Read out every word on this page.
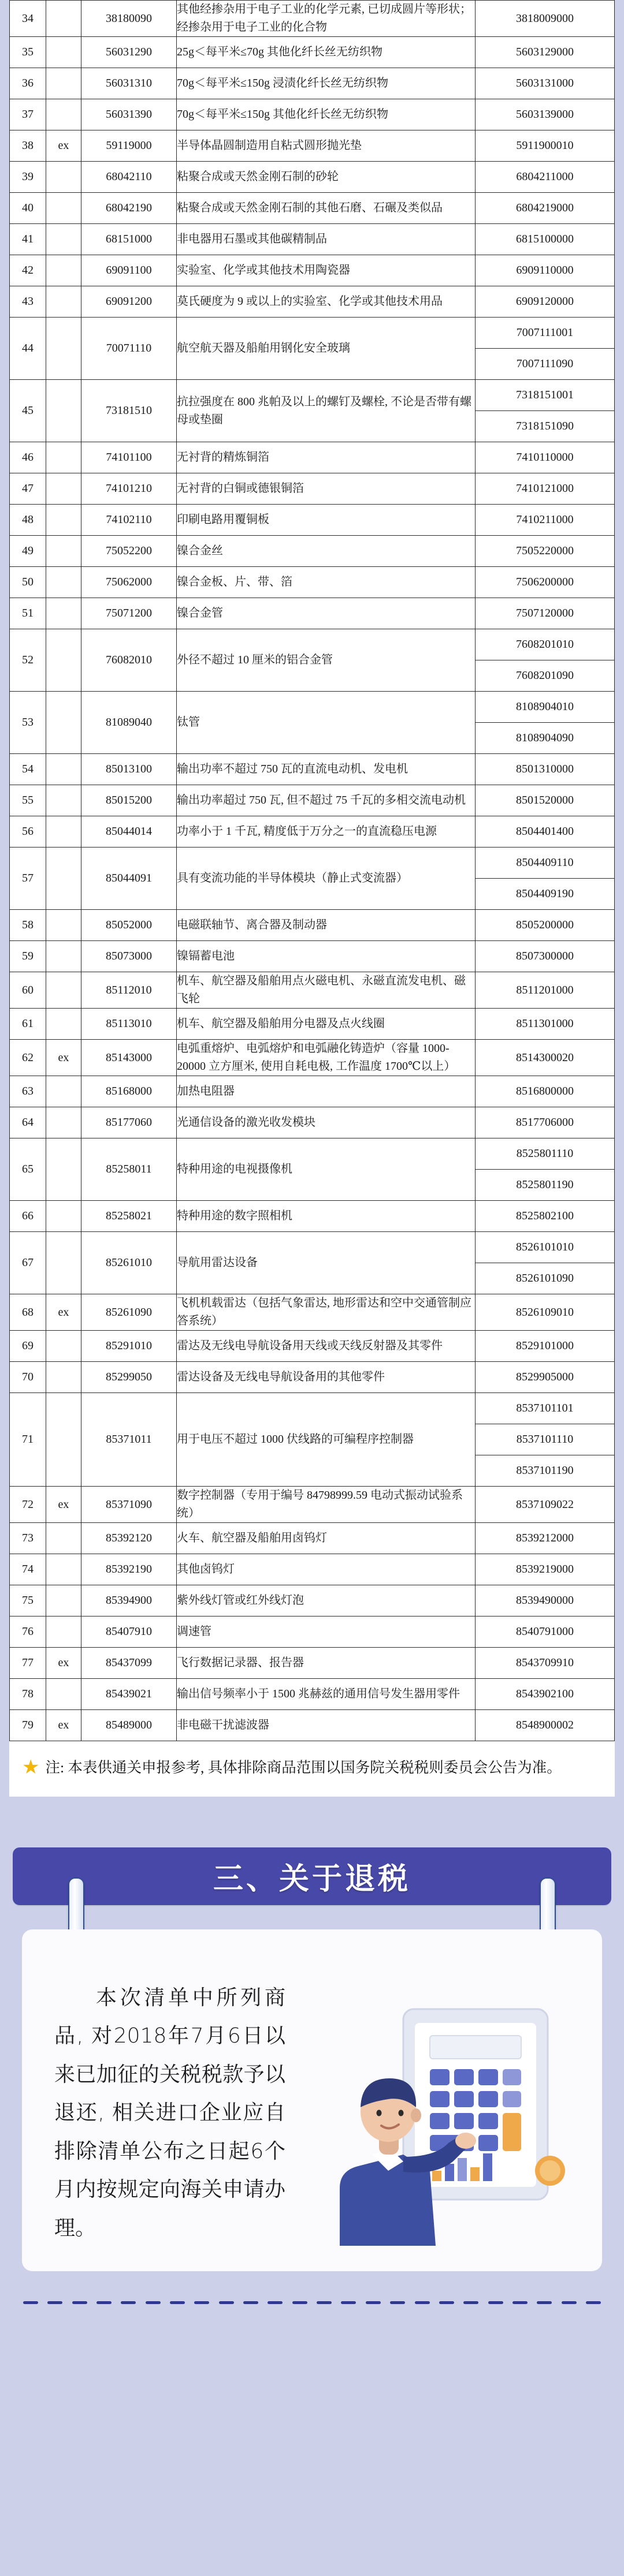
34		38180090	其他经掺杂用于电子工业的化学元素, 已切成圆片等形状；经掺杂用于电子工业的化合物	3818009000

35		56031290	25g＜每平米≤70g 其他化纤长丝无纺织物	5603129000

36		56031310	70g＜每平米≤150g 浸渍化纤长丝无纺织物	5603131000

37		56031390	70g＜每平米≤150g 其他化纤长丝无纺织物	5603139000

38	ex	59119000	半导体晶圆制造用自粘式圆形抛光垫	5911900010

39		68042110	粘聚合成或天然金刚石制的砂轮	6804211000

40		68042190	粘聚合成或天然金刚石制的其他石磨、石碾及类似品	6804219000

41		68151000	非电器用石墨或其他碳精制品	6815100000

42		69091100	实验室、化学或其他技术用陶瓷器	6909110000

43		69091200	莫氏硬度为 9 或以上的实验室、化学或其他技术用品	6909120000

44		70071110	航空航天器及船舶用钢化安全玻璃	7007111001
7007111090

45		73181510	抗拉强度在 800 兆帕及以上的螺钉及螺栓, 不论是否带有螺母或垫圈	7318151001
7318151090

46		74101100	无衬背的精炼铜箔	7410110000

47		74101210	无衬背的白铜或德银铜箔	7410121000

48		74102110	印刷电路用覆铜板	7410211000

49		75052200	镍合金丝	7505220000

50		75062000	镍合金板、片、带、箔	7506200000

51		75071200	镍合金管	7507120000

52		76082010	外径不超过 10 厘米的铝合金管	7608201010
7608201090

53		81089040	钛管	8108904010
8108904090

54		85013100	输出功率不超过 750 瓦的直流电动机、发电机	8501310000

55		85015200	输出功率超过 750 瓦, 但不超过 75 千瓦的多相交流电动机	8501520000

56		85044014	功率小于 1 千瓦, 精度低于万分之一的直流稳压电源	8504401400

57		85044091	具有变流功能的半导体模块（静止式变流器）	8504409110
8504409190

58		85052000	电磁联轴节、离合器及制动器	8505200000

59		85073000	镍镉蓄电池	8507300000

60		85112010	机车、航空器及船舶用点火磁电机、永磁直流发电机、磁飞轮	8511201000

61		85113010	机车、航空器及船舶用分电器及点火线圈	8511301000

62	ex	85143000	电弧重熔炉、电弧熔炉和电弧融化铸造炉（容量 1000-20000 立方厘米, 使用自耗电极, 工作温度 1700℃以上）	8514300020

63		85168000	加热电阻器	8516800000

64		85177060	光通信设备的激光收发模块	8517706000

65		85258011	特种用途的电视摄像机	8525801110
8525801190

66		85258021	特种用途的数字照相机	8525802100

67		85261010	导航用雷达设备	8526101010
8526101090

68	ex	85261090	飞机机载雷达（包括气象雷达, 地形雷达和空中交通管制应答系统）	8526109010

69		85291010	雷达及无线电导航设备用天线或天线反射器及其零件	8529101000

70		85299050	雷达设备及无线电导航设备用的其他零件	8529905000

71		85371011	用于电压不超过 1000 伏线路的可编程序控制器	8537101101
8537101110
8537101190

72	ex	85371090	数字控制器（专用于编号 84798999.59 电动式振动试验系统）	8537109022

73		85392120	火车、航空器及船舶用卤钨灯	8539212000

74		85392190	其他卤钨灯	8539219000

75		85394900	紫外线灯管或红外线灯泡	8539490000

76		85407910	调速管	8540791000

77	ex	85437099	飞行数据记录器、报告器	8543709910

78		85439021	输出信号频率小于 1500 兆赫兹的通用信号发生器用零件	8543902100

79	ex	85489000	非电磁干扰滤波器	8548900002
★ 注: 本表供通关申报参考, 具体排除商品范围以国务院关税税则委员会公告为准。
三、关于退税
本次清单中所列商品, 对2018年7月6日以来已加征的关税税款予以退还, 相关进口企业应自排除清单公布之日起6个月内按规定向海关申请办理。
